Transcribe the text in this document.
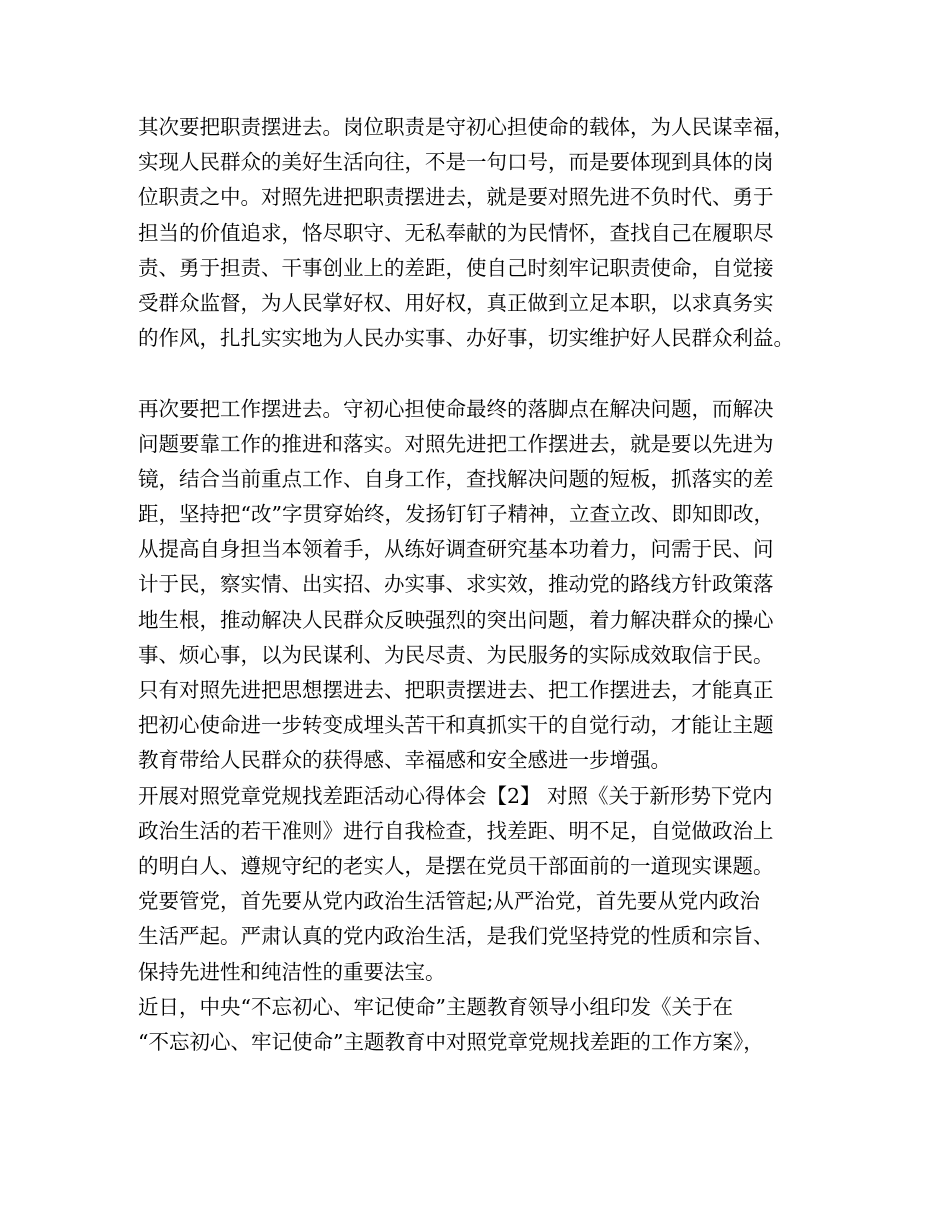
其次要把职责摆进去。岗位职责是守初心担使命的载体，为人民谋幸福，
实现人民群众的美好生活向往，不是一句口号，而是要体现到具体的岗
位职责之中。对照先进把职责摆进去，就是要对照先进不负时代、勇于
担当的价值追求，恪尽职守、无私奉献的为民情怀，查找自己在履职尽
责、勇于担责、干事创业上的差距，使自己时刻牢记职责使命，自觉接
受群众监督，为人民掌好权、用好权，真正做到立足本职，以求真务实
的作风，扎扎实实地为人民办实事、办好事，切实维护好人民群众利益。
再次要把工作摆进去。守初心担使命最终的落脚点在解决问题，而解决
问题要靠工作的推进和落实。对照先进把工作摆进去，就是要以先进为
镜，结合当前重点工作、自身工作，查找解决问题的短板，抓落实的差
距，坚持把“改”字贯穿始终，发扬钉钉子精神，立查立改、即知即改，
从提高自身担当本领着手，从练好调查研究基本功着力，问需于民、问
计于民，察实情、出实招、办实事、求实效，推动党的路线方针政策落
地生根，推动解决人民群众反映强烈的突出问题，着力解决群众的操心
事、烦心事，以为民谋利、为民尽责、为民服务的实际成效取信于民。
只有对照先进把思想摆进去、把职责摆进去、把工作摆进去，才能真正
把初心使命进一步转变成埋头苦干和真抓实干的自觉行动，才能让主题
教育带给人民群众的获得感、幸福感和安全感进一步增强。
开展对照党章党规找差距活动心得体会【2】 对照《关于新形势下党内
政治生活的若干准则》进行自我检查，找差距、明不足，自觉做政治上
的明白人、遵规守纪的老实人，是摆在党员干部面前的一道现实课题。
党要管党，首先要从党内政治生活管起;从严治党，首先要从党内政治
生活严起。严肃认真的党内政治生活，是我们党坚持党的性质和宗旨、
保持先进性和纯洁性的重要法宝。
近日，中央“不忘初心、牢记使命”主题教育领导小组印发《关于在
“不忘初心、牢记使命”主题教育中对照党章党规找差距的工作方案》，
